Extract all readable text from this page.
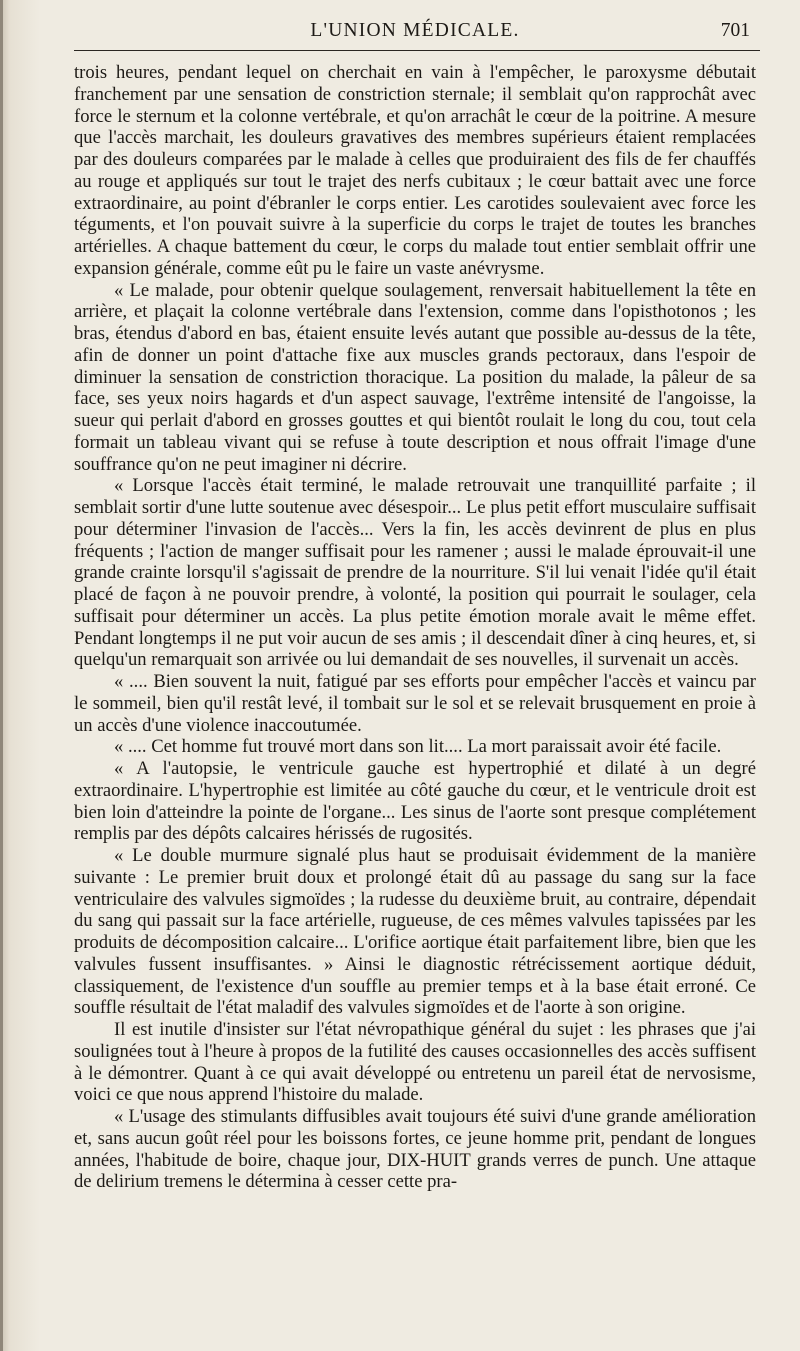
L'UNION MÉDICALE.	701

trois heures, pendant lequel on cherchait en vain à l'empêcher, le paroxysme débutait franchement par une sensation de constriction sternale; il semblait qu'on rapprochât avec force le sternum et la colonne vertébrale, et qu'on arrachât le cœur de la poitrine. A mesure que l'accès marchait, les douleurs gravatives des membres supérieurs étaient remplacées par des douleurs comparées par le malade à celles que produiraient des fils de fer chauffés au rouge et appliqués sur tout le trajet des nerfs cubitaux ; le cœur battait avec une force extraordinaire, au point d'ébranler le corps entier. Les carotides soulevaient avec force les téguments, et l'on pouvait suivre à la superficie du corps le trajet de toutes les branches artérielles. A chaque battement du cœur, le corps du malade tout entier semblait offrir une expansion générale, comme eût pu le faire un vaste anévrysme.

« Le malade, pour obtenir quelque soulagement, renversait habituellement la tête en arrière, et plaçait la colonne vertébrale dans l'extension, comme dans l'opisthotonos ; les bras, étendus d'abord en bas, étaient ensuite levés autant que possible au-dessus de la tête, afin de donner un point d'attache fixe aux muscles grands pectoraux, dans l'espoir de diminuer la sensation de constriction thoracique. La position du malade, la pâleur de sa face, ses yeux noirs hagards et d'un aspect sauvage, l'extrême intensité de l'angoisse, la sueur qui perlait d'abord en grosses gouttes et qui bientôt roulait le long du cou, tout cela formait un tableau vivant qui se refuse à toute description et nous offrait l'image d'une souffrance qu'on ne peut imaginer ni décrire.

« Lorsque l'accès était terminé, le malade retrouvait une tranquillité parfaite ; il semblait sortir d'une lutte soutenue avec désespoir... Le plus petit effort musculaire suffisait pour déterminer l'invasion de l'accès... Vers la fin, les accès devinrent de plus en plus fréquents ; l'action de manger suffisait pour les ramener ; aussi le malade éprouvait-il une grande crainte lorsqu'il s'agissait de prendre de la nourriture. S'il lui venait l'idée qu'il était placé de façon à ne pouvoir prendre, à volonté, la position qui pourrait le soulager, cela suffisait pour déterminer un accès. La plus petite émotion morale avait le même effet. Pendant longtemps il ne put voir aucun de ses amis ; il descendait dîner à cinq heures, et, si quelqu'un remarquait son arrivée ou lui demandait de ses nouvelles, il survenait un accès.

« .... Bien souvent la nuit, fatigué par ses efforts pour empêcher l'accès et vaincu par le sommeil, bien qu'il restât levé, il tombait sur le sol et se relevait brusquement en proie à un accès d'une violence inaccoutumée.

« .... Cet homme fut trouvé mort dans son lit.... La mort paraissait avoir été facile.

« A l'autopsie, le ventricule gauche est hypertrophié et dilaté à un degré extraordinaire. L'hypertrophie est limitée au côté gauche du cœur, et le ventricule droit est bien loin d'atteindre la pointe de l'organe... Les sinus de l'aorte sont presque complétement remplis par des dépôts calcaires hérissés de rugosités.

« Le double murmure signalé plus haut se produisait évidemment de la manière suivante : Le premier bruit doux et prolongé était dû au passage du sang sur la face ventriculaire des valvules sigmoïdes ; la rudesse du deuxième bruit, au contraire, dépendait du sang qui passait sur la face artérielle, rugueuse, de ces mêmes valvules tapissées par les produits de décomposition calcaire... L'orifice aortique était parfaitement libre, bien que les valvules fussent insuffisantes. » Ainsi le diagnostic rétrécissement aortique déduit, classiquement, de l'existence d'un souffle au premier temps et à la base était erroné. Ce souffle résultait de l'état maladif des valvules sigmoïdes et de l'aorte à son origine.

Il est inutile d'insister sur l'état névropathique général du sujet : les phrases que j'ai soulignées tout à l'heure à propos de la futilité des causes occasionnelles des accès suffisent à le démontrer. Quant à ce qui avait développé ou entretenu un pareil état de nervosisme, voici ce que nous apprend l'histoire du malade.

« L'usage des stimulants diffusibles avait toujours été suivi d'une grande amélioration et, sans aucun goût réel pour les boissons fortes, ce jeune homme prit, pendant de longues années, l'habitude de boire, chaque jour, DIX-HUIT grands verres de punch. Une attaque de delirium tremens le détermina à cesser cette pra-
